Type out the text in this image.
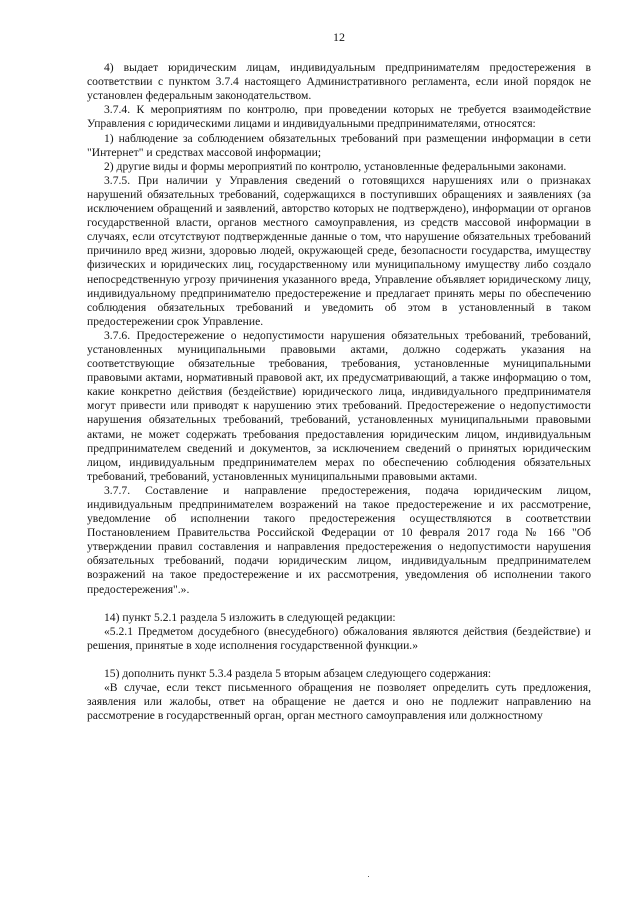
12

4) выдает юридическим лицам, индивидуальным предпринимателям предостережения в соответствии с пунктом 3.7.4 настоящего Административного регламента, если иной порядок не установлен федеральным законодательством.

3.7.4. К мероприятиям по контролю, при проведении которых не требуется взаимодействие Управления с юридическими лицами и индивидуальными предпринимателями, относятся:

1) наблюдение за соблюдением обязательных требований при размещении информации в сети "Интернет" и средствах массовой информации;

2) другие виды и формы мероприятий по контролю, установленные федеральными законами.

3.7.5. При наличии у Управления сведений о готовящихся нарушениях или о признаках нарушений обязательных требований, содержащихся в поступивших обращениях и заявлениях (за исключением обращений и заявлений, авторство которых не подтверждено), информации от органов государственной власти, органов местного самоуправления, из средств массовой информации в случаях, если отсутствуют подтвержденные данные о том, что нарушение обязательных требований причинило вред жизни, здоровью людей, окружающей среде, безопасности государства, имуществу физических и юридических лиц, государственному или муниципальному имуществу либо создало непосредственную угрозу причинения указанного вреда, Управление объявляет юридическому лицу, индивидуальному предпринимателю предостережение и предлагает принять меры по обеспечению соблюдения обязательных требований и уведомить об этом в установленный в таком предостережении срок Управление.

3.7.6. Предостережение о недопустимости нарушения обязательных требований, требований, установленных муниципальными правовыми актами, должно содержать указания на соответствующие обязательные требования, требования, установленные муниципальными правовыми актами, нормативный правовой акт, их предусматривающий, а также информацию о том, какие конкретно действия (бездействие) юридического лица, индивидуального предпринимателя могут привести или приводят к нарушению этих требований. Предостережение о недопустимости нарушения обязательных требований, требований, установленных муниципальными правовыми актами, не может содержать требования предоставления юридическим лицом, индивидуальным предпринимателем сведений и документов, за исключением сведений о принятых юридическим лицом, индивидуальным предпринимателем мерах по обеспечению соблюдения обязательных требований, требований, установленных муниципальными правовыми актами.

3.7.7. Составление и направление предостережения, подача юридическим лицом, индивидуальным предпринимателем возражений на такое предостережение и их рассмотрение, уведомление об исполнении такого предостережения осуществляются в соответствии Постановлением Правительства Российской Федерации от 10 февраля 2017 года № 166 "Об утверждении правил составления и направления предостережения о недопустимости нарушения обязательных требований, подачи юридическим лицом, индивидуальным предпринимателем возражений на такое предостережение и их рассмотрения, уведомления об исполнении такого предостережения".».

14) пункт 5.2.1 раздела 5 изложить в следующей редакции:

«5.2.1 Предметом досудебного (внесудебного) обжалования являются действия (бездействие) и решения, принятые в ходе исполнения государственной функции.»

15) дополнить пункт 5.3.4 раздела 5 вторым абзацем следующего содержания:

«В случае, если текст письменного обращения не позволяет определить суть предложения, заявления или жалобы, ответ на обращение не дается и оно не подлежит направлению на рассмотрение в государственный орган, орган местного самоуправления или должностному
